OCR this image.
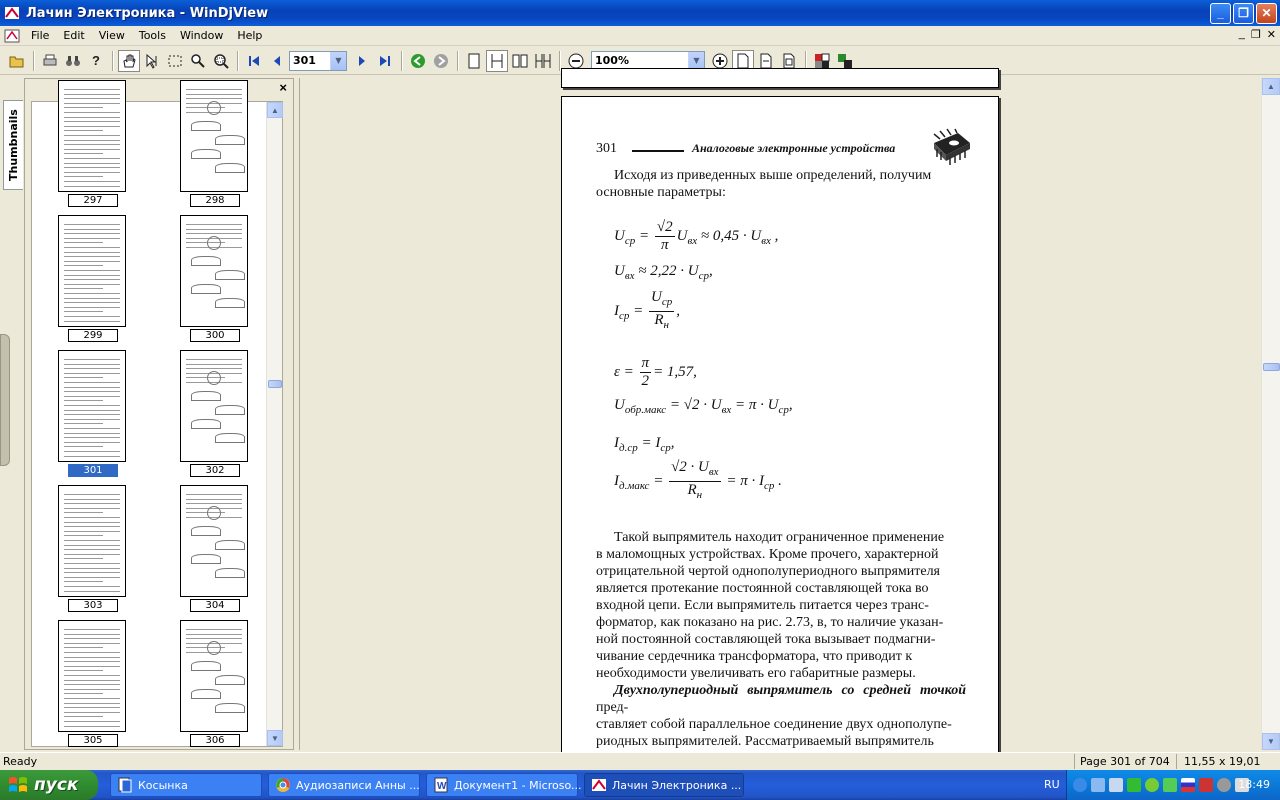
Лачин Электроника - WinDjView	_	❐	✕
File	Edit	View	Tools	Window	Help	_ ❐ ✕
?	301	▼	100%	▼
Thumbnails
×
306
305
304
303
302
301
300
299
298
297
▲
▼
301	Аналоговые электронные устройства
Исходя из приведенных выше определений, получим
основные параметры:
$U_{ср} = \frac{√2}{\pi} U_{вх} \approx 0,45 \cdot U_{вх}$ ,
$U_{вх} \approx 2,22 \cdot U_{ср}$,
$I_{ср} = \frac{U_{ср}}{R_н}$ ,
$\varepsilon = \frac{\pi}{2} = 1,57$,
$U_{обр.макс} = √2 \cdot U_{вх} = \pi \cdot U_{ср}$,
$I_{д.ср} = I_{ср}$,
$I_{д.макс} = \frac{√2 \cdot U_{вх}}{R_н} = \pi \cdot I_{ср}$ .
Такой выпрямитель находит ограниченное применение
в маломощных устройствах. Кроме прочего, характерной
отрицательной чертой однополупериодного выпрямителя
является протекание постоянной составляющей тока во
входной цепи. Если выпрямитель питается через транс-
форматор, как показано на рис. 2.73, в, то наличие указан-
ной постоянной составляющей тока вызывает подмагни-
чивание сердечника трансформатора, что приводит к
необходимости увеличивать его габаритные размеры.
Двухполупериодный выпрямитель со средней точкой пред-
ставляет собой параллельное соединение двух однополупе-
риодных выпрямителей. Рассматриваемый выпрямитель
▲
▼
Ready	Page 301 of 704 11,55 x 19,01
пуск	Косынка	Аудиозаписи Анны ... W Документ1 - Microso...	Лачин Электроника ...	RU	18:49
